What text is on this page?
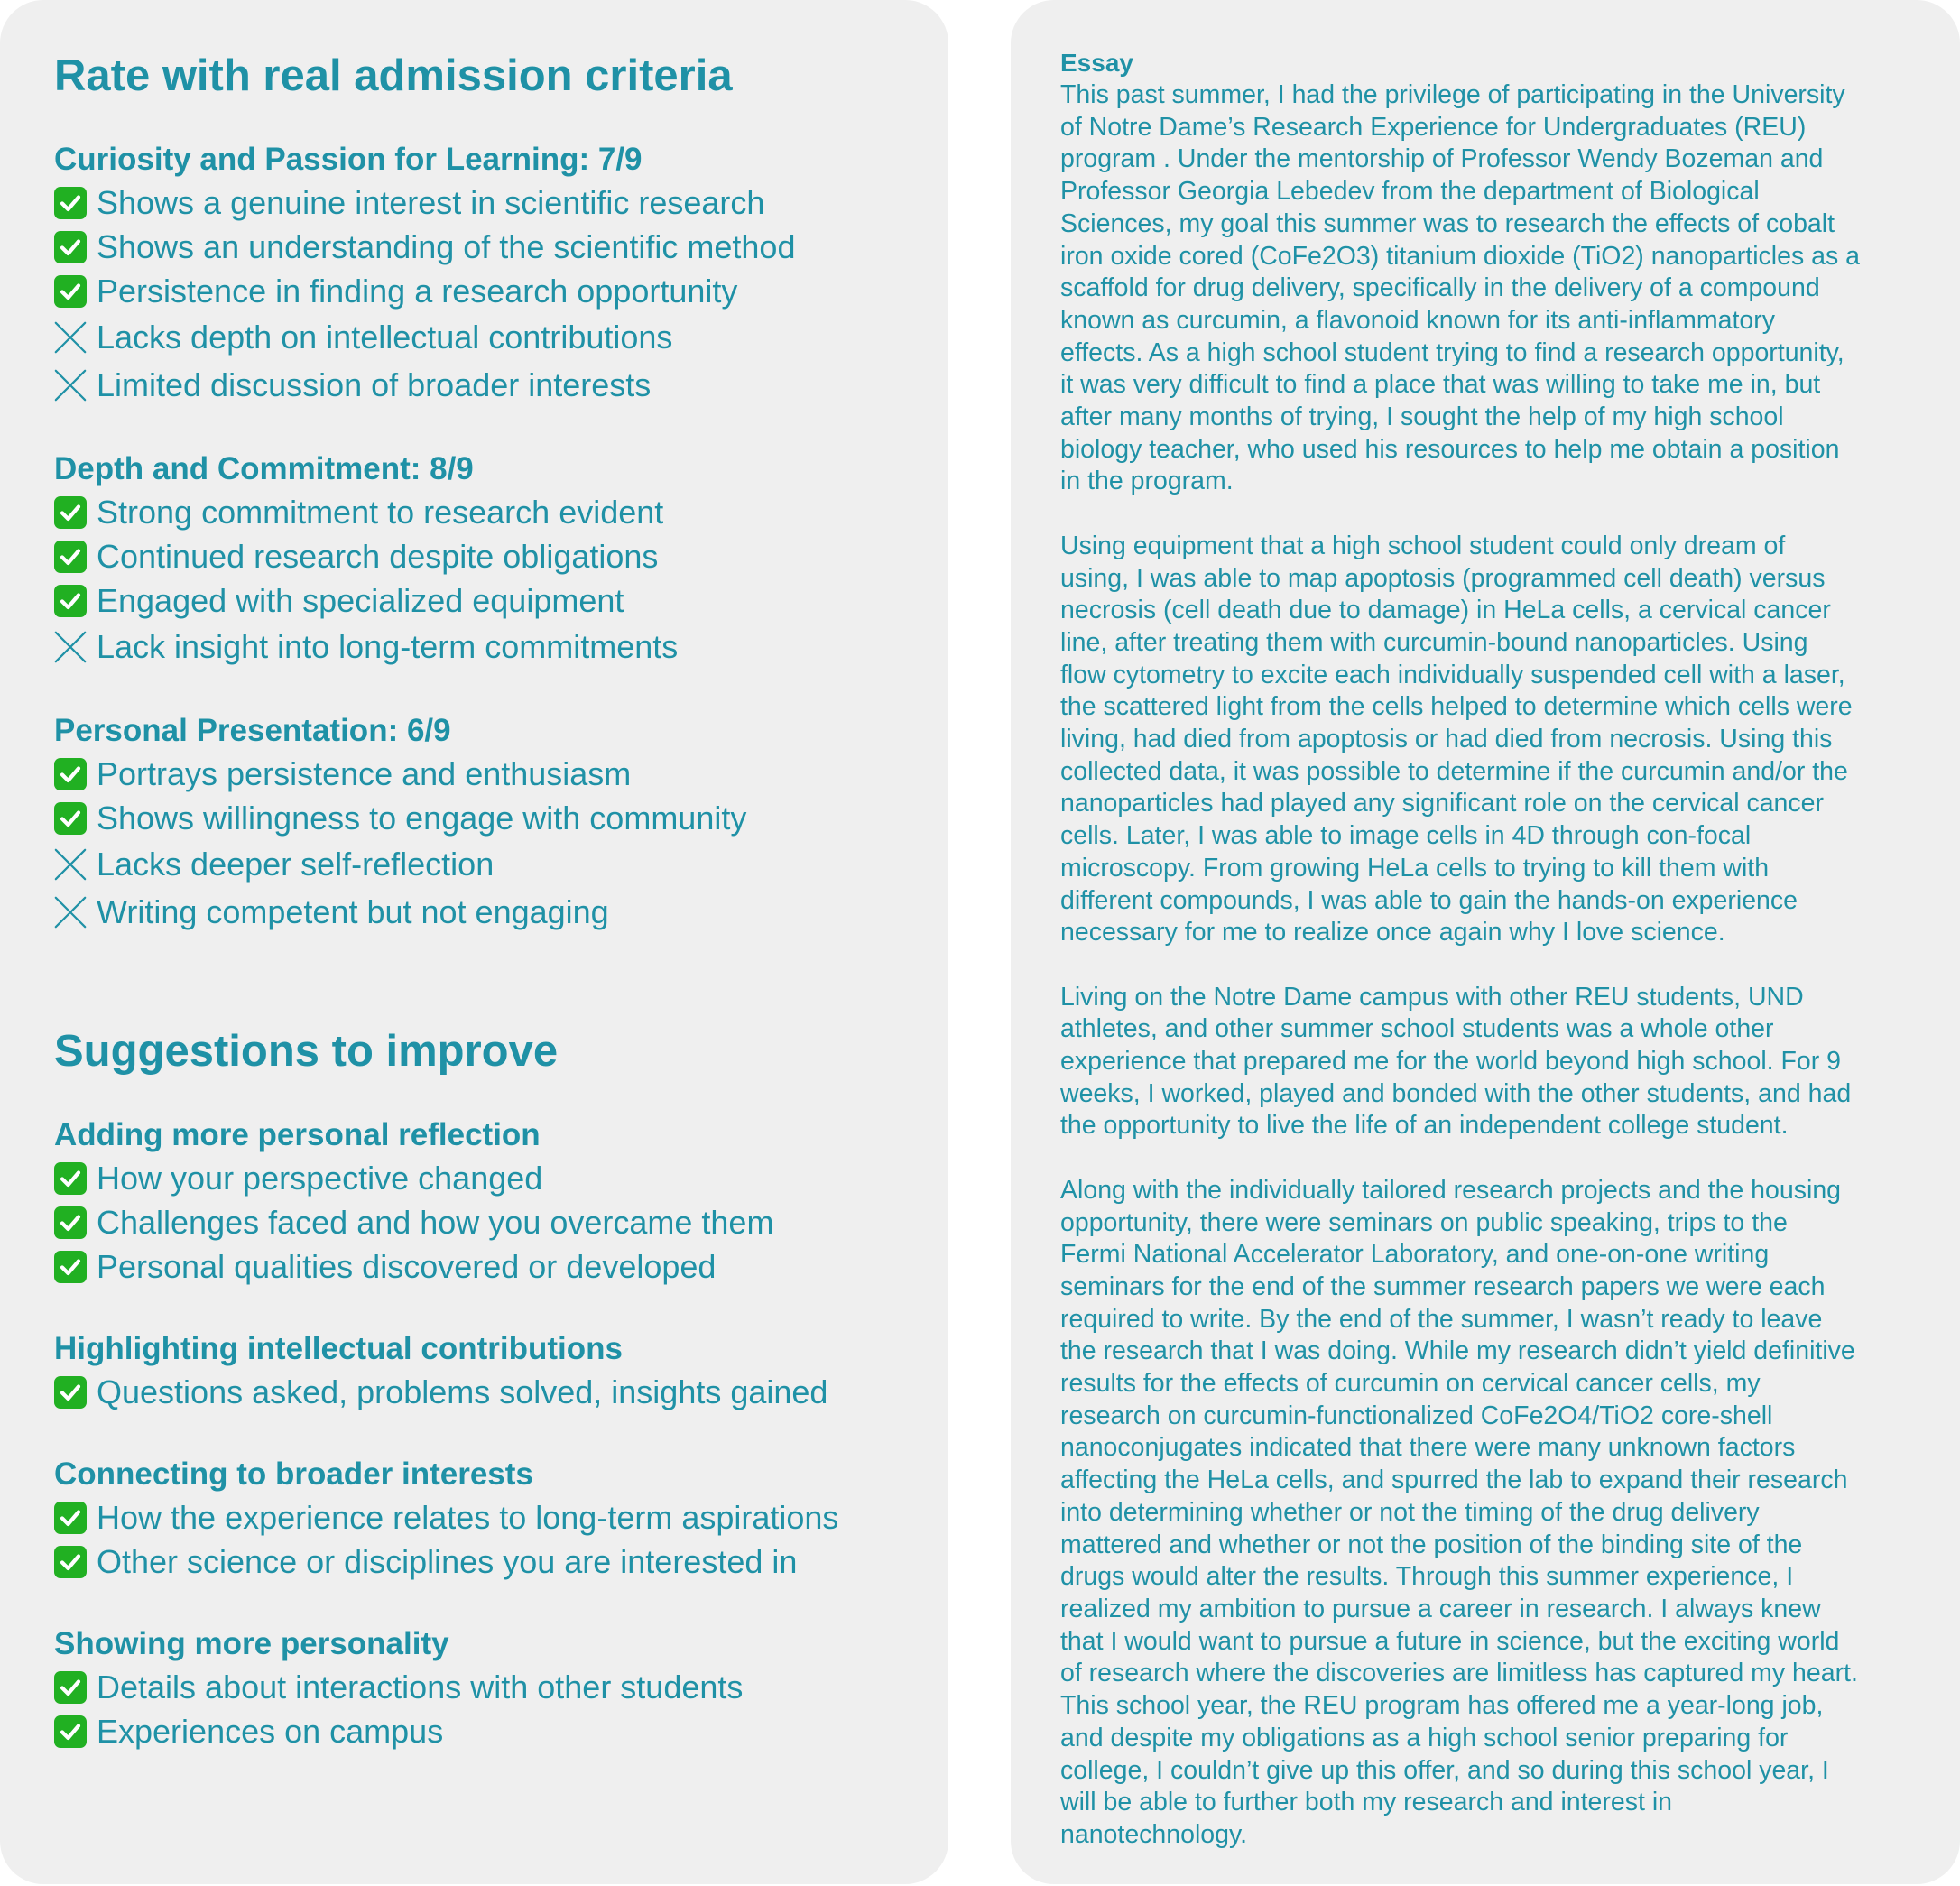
Rate with real admission criteria
Curiosity and Passion for Learning: 7/9
Shows a genuine interest in scientific research
Shows an understanding of the scientific method
Persistence in finding a research opportunity
Lacks depth on intellectual contributions
Limited discussion of broader interests
Depth and Commitment: 8/9
Strong commitment to research evident
Continued research despite obligations
Engaged with specialized equipment
Lack insight into long-term commitments
Personal Presentation: 6/9
Portrays persistence and enthusiasm
Shows willingness to engage with community
Lacks deeper self-reflection
Writing competent but not engaging
Suggestions to improve
Adding more personal reflection
How your perspective changed
Challenges faced and how you overcame them
Personal qualities discovered or developed
Highlighting intellectual contributions
Questions asked, problems solved, insights gained
Connecting to broader interests
How the experience relates to long-term aspirations
Other science or disciplines you are interested in
Showing more personality
Details about interactions with other students
Experiences on campus
Essay

This past summer, I had the privilege of participating in the University
of Notre Dame’s Research Experience for Undergraduates (REU)
program . Under the mentorship of Professor Wendy Bozeman and
Professor Georgia Lebedev from the department of Biological
Sciences, my goal this summer was to research the effects of cobalt
iron oxide cored (CoFe2O3) titanium dioxide (TiO2) nanoparticles as a
scaffold for drug delivery, specifically in the delivery of a compound
known as curcumin, a flavonoid known for its anti-inflammatory
effects. As a high school student trying to find a research opportunity,
it was very difficult to find a place that was willing to take me in, but
after many months of trying, I sought the help of my high school
biology teacher, who used his resources to help me obtain a position
in the program.

Using equipment that a high school student could only dream of
using, I was able to map apoptosis (programmed cell death) versus
necrosis (cell death due to damage) in HeLa cells, a cervical cancer
line, after treating them with curcumin-bound nanoparticles. Using
flow cytometry to excite each individually suspended cell with a laser,
the scattered light from the cells helped to determine which cells were
living, had died from apoptosis or had died from necrosis. Using this
collected data, it was possible to determine if the curcumin and/or the
nanoparticles had played any significant role on the cervical cancer
cells. Later, I was able to image cells in 4D through con-focal
microscopy. From growing HeLa cells to trying to kill them with
different compounds, I was able to gain the hands-on experience
necessary for me to realize once again why I love science.

Living on the Notre Dame campus with other REU students, UND
athletes, and other summer school students was a whole other
experience that prepared me for the world beyond high school. For 9
weeks, I worked, played and bonded with the other students, and had
the opportunity to live the life of an independent college student.

Along with the individually tailored research projects and the housing
opportunity, there were seminars on public speaking, trips to the
Fermi National Accelerator Laboratory, and one-on-one writing
seminars for the end of the summer research papers we were each
required to write. By the end of the summer, I wasn’t ready to leave
the research that I was doing. While my research didn’t yield definitive
results for the effects of curcumin on cervical cancer cells, my
research on curcumin-functionalized CoFe2O4/TiO2 core-shell
nanoconjugates indicated that there were many unknown factors
affecting the HeLa cells, and spurred the lab to expand their research
into determining whether or not the timing of the drug delivery
mattered and whether or not the position of the binding site of the
drugs would alter the results. Through this summer experience, I
realized my ambition to pursue a career in research. I always knew
that I would want to pursue a future in science, but the exciting world
of research where the discoveries are limitless has captured my heart.
This school year, the REU program has offered me a year-long job,
and despite my obligations as a high school senior preparing for
college, I couldn’t give up this offer, and so during this school year, I
will be able to further both my research and interest in
nanotechnology.
